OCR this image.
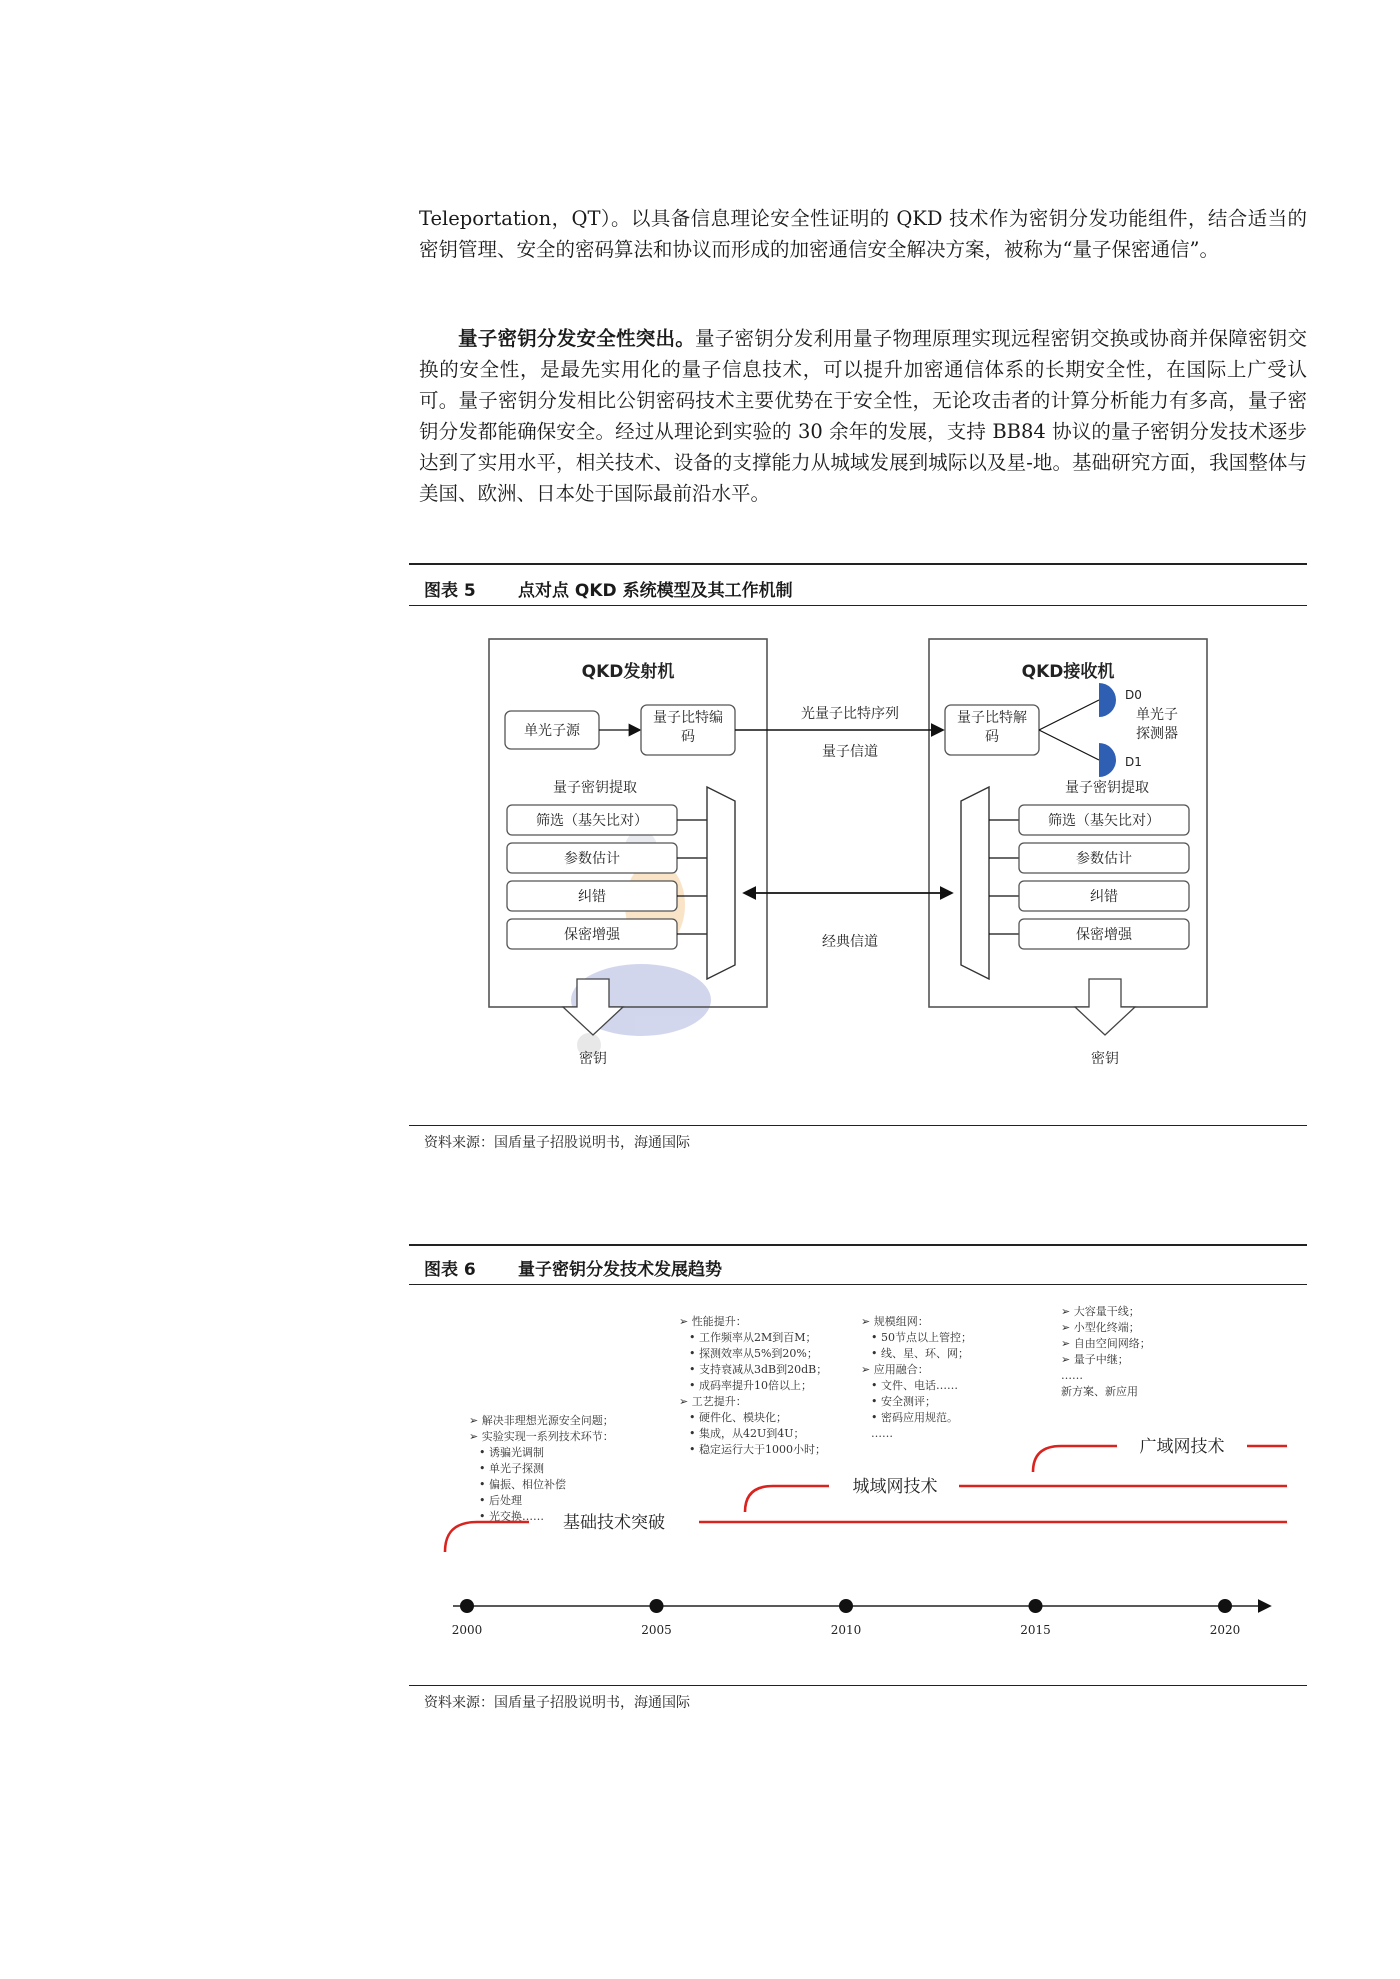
Teleportation，QT）。以具备信息理论安全性证明的 QKD 技术作为密钥分发功能组件，结合适当的密钥管理、安全的密码算法和协议而形成的加密通信安全解决方案，被称为“量子保密通信”。

量子密钥分发安全性突出。量子密钥分发利用量子物理原理实现远程密钥交换或协商并保障密钥交换的安全性，是最先实用化的量子信息技术，可以提升加密通信体系的长期安全性，在国际上广受认可。量子密钥分发相比公钥密码技术主要优势在于安全性，无论攻击者的计算分析能力有多高，量子密钥分发都能确保安全。经过从理论到实验的 30 余年的发展，支持 BB84 协议的量子密钥分发技术逐步达到了实用水平，相关技术、设备的支撑能力从城域发展到城际以及星-地。基础研究方面，我国整体与美国、欧洲、日本处于国际最前沿水平。

图表 5 点对点 QKD 系统模型及其工作机制
QKD发射机
单光子源
量子比特编码
量子密钥提取
筛选（基矢比对）
参数估计
纠错
保密增强
QKD接收机
量子比特解码
D0
D1
单光子
探测器
量子密钥提取
筛选（基矢比对）
参数估计
纠错
保密增强
光量子比特序列
量子信道
经典信道
密钥	密钥
资料来源：国盾量子招股说明书，海通国际
图表 6 量子密钥分发技术发展趋势
➢ 解决非理想光源安全问题；
➢ 实验实现一系列技术环节：
• 诱骗光调制
• 单光子探测
• 偏振、相位补偿
• 后处理
• 光交换……
➢ 性能提升：
• 工作频率从2M到百M；
• 探测效率从5%到20%；
• 支持衰减从3dB到20dB；
• 成码率提升10倍以上；
➢ 工艺提升：
• 硬件化、模块化；
• 集成，从42U到4U；
• 稳定运行大于1000小时；
➢ 规模组网：
• 50节点以上管控；
• 线、星、环、网；
➢ 应用融合：
• 文件、电话……
• 安全测评；
• 密码应用规范。
……
➢ 大容量干线；
➢ 小型化终端；
➢ 自由空间网络；
➢ 量子中继；
……
新方案、新应用
基础技术突破
城域网技术
广域网技术
2000	2005	2010	2015	2020
资料来源：国盾量子招股说明书，海通国际
